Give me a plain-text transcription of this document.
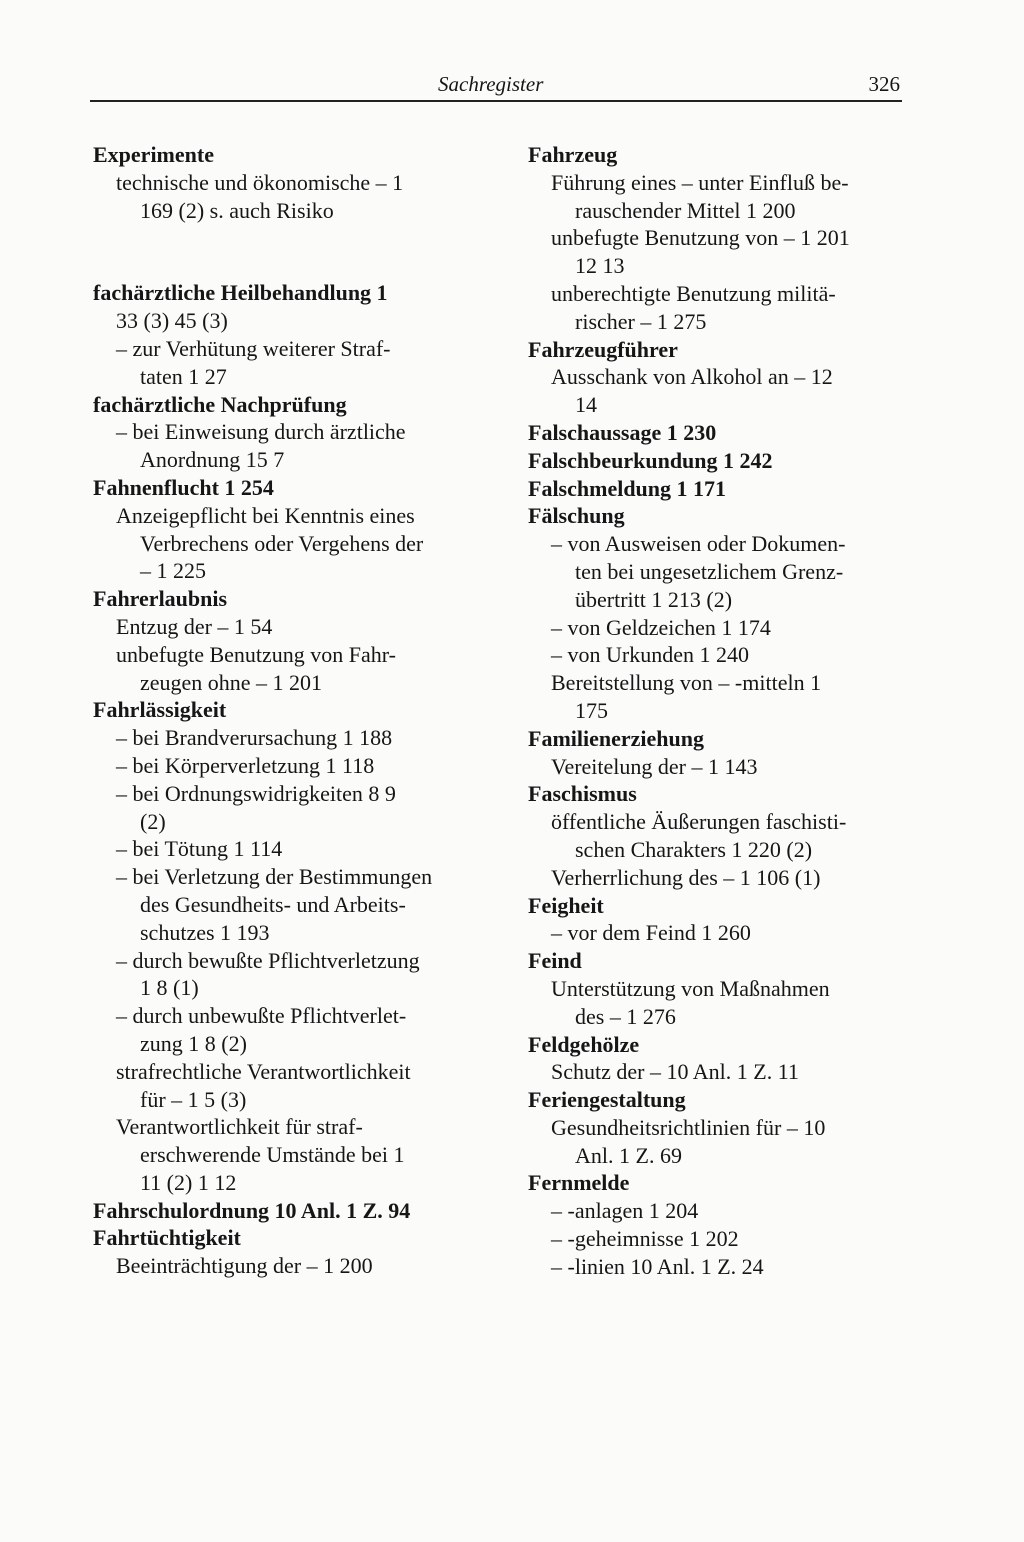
Sachregister	326
Experimente
technische und ökonomische – 1
169 (2) s. auch Risiko
fachärztliche Heilbehandlung 1
33 (3) 45 (3)
– zur Verhütung weiterer Straf-
taten 1 27
fachärztliche Nachprüfung
– bei Einweisung durch ärztliche
Anordnung 15 7
Fahnenflucht 1 254
Anzeigepflicht bei Kenntnis eines
Verbrechens oder Vergehens der
– 1 225
Fahrerlaubnis
Entzug der – 1 54
unbefugte Benutzung von Fahr-
zeugen ohne – 1 201
Fahrlässigkeit
– bei Brandverursachung 1 188
– bei Körperverletzung 1 118
– bei Ordnungswidrigkeiten 8 9
(2)
– bei Tötung 1 114
– bei Verletzung der Bestimmungen
des Gesundheits- und Arbeits-
schutzes 1 193
– durch bewußte Pflichtverletzung
1 8 (1)
– durch unbewußte Pflichtverlet-
zung 1 8 (2)
strafrechtliche Verantwortlichkeit
für – 1 5 (3)
Verantwortlichkeit für straf-
erschwerende Umstände bei 1
11 (2) 1 12
Fahrschulordnung 10 Anl. 1 Z. 94
Fahrtüchtigkeit
Beeinträchtigung der – 1 200
Fahrzeug
Führung eines – unter Einfluß be-
rauschender Mittel 1 200
unbefugte Benutzung von – 1 201
12 13
unberechtigte Benutzung militä-
rischer – 1 275
Fahrzeugführer
Ausschank von Alkohol an – 12
14
Falschaussage 1 230
Falschbeurkundung 1 242
Falschmeldung 1 171
Fälschung
– von Ausweisen oder Dokumen-
ten bei ungesetzlichem Grenz-
übertritt 1 213 (2)
– von Geldzeichen 1 174
– von Urkunden 1 240
Bereitstellung von – -mitteln 1
175
Familienerziehung
Vereitelung der – 1 143
Faschismus
öffentliche Äußerungen faschisti-
schen Charakters 1 220 (2)
Verherrlichung des – 1 106 (1)
Feigheit
– vor dem Feind 1 260
Feind
Unterstützung von Maßnahmen
des – 1 276
Feldgehölze
Schutz der – 10 Anl. 1 Z. 11
Feriengestaltung
Gesundheitsrichtlinien für – 10
Anl. 1 Z. 69
Fernmelde
– -anlagen 1 204
– -geheimnisse 1 202
– -linien 10 Anl. 1 Z. 24
